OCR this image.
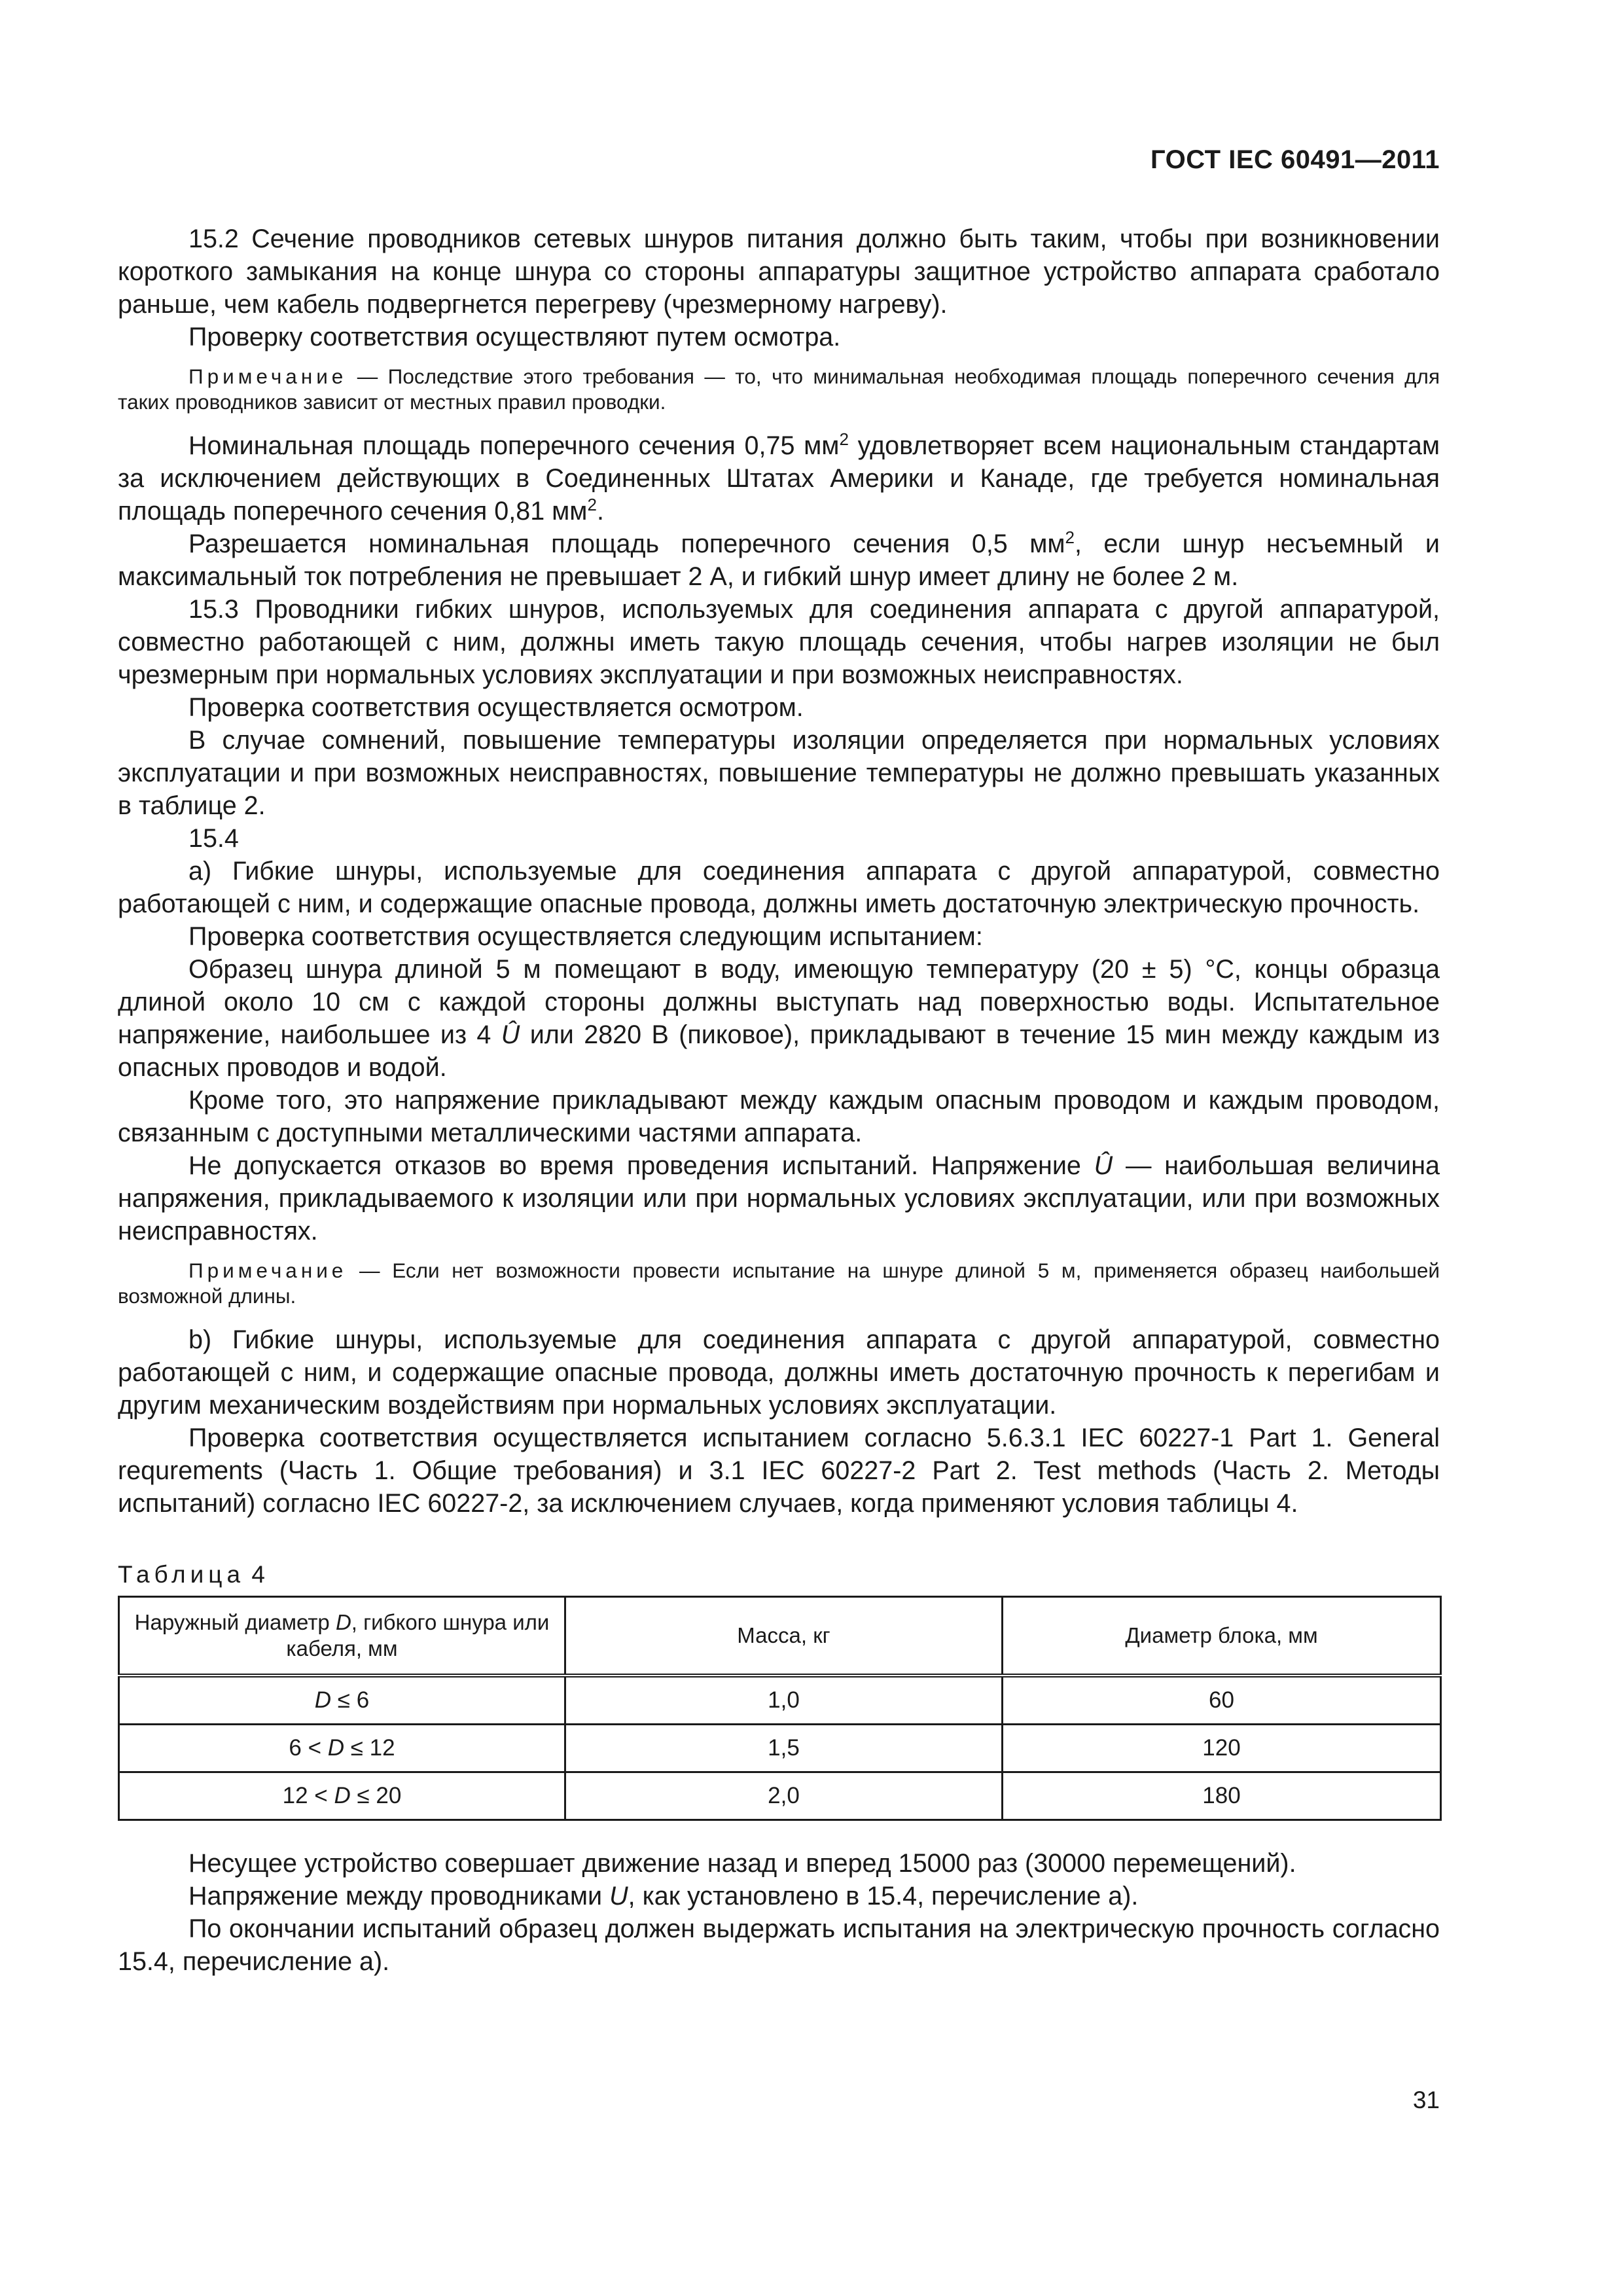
ГОСТ IEC 60491—2011

15.2 Сечение проводников сетевых шнуров питания должно быть таким, чтобы при возникновении короткого замыкания на конце шнура со стороны аппаратуры защитное устройство аппарата сработало раньше, чем кабель подвергнется перегреву (чрезмерному нагреву).

Проверку соответствия осуществляют путем осмотра.

Примечание — Последствие этого требования — то, что минимальная необходимая площадь поперечного сечения для таких проводников зависит от местных правил проводки.

Номинальная площадь поперечного сечения 0,75 $мм^2$ удовлетворяет всем национальным стандартам за исключением действующих в Соединенных Штатах Америки и Канаде, где требуется номинальная площадь поперечного сечения 0,81 $мм^2$.

Разрешается номинальная площадь поперечного сечения 0,5 $мм^2$, если шнур несъемный и максимальный ток потребления не превышает 2 А, и гибкий шнур имеет длину не более 2 м.

15.3 Проводники гибких шнуров, используемых для соединения аппарата с другой аппаратурой, совместно работающей с ним, должны иметь такую площадь сечения, чтобы нагрев изоляции не был чрезмерным при нормальных условиях эксплуатации и при возможных неисправностях.

Проверка соответствия осуществляется осмотром.

В случае сомнений, повышение температуры изоляции определяется при нормальных условиях эксплуатации и при возможных неисправностях, повышение температуры не должно превышать указанных в таблице 2.

15.4

a) Гибкие шнуры, используемые для соединения аппарата с другой аппаратурой, совместно работающей с ним, и содержащие опасные провода, должны иметь достаточную электрическую прочность.

Проверка соответствия осуществляется следующим испытанием:

Образец шнура длиной 5 м помещают в воду, имеющую температуру (20 ± 5) °С, концы образца длиной около 10 см с каждой стороны должны выступать над поверхностью воды. Испытательное напряжение, наибольшее из 4 Û или 2820 В (пиковое), прикладывают в течение 15 мин между каждым из опасных проводов и водой.

Кроме того, это напряжение прикладывают между каждым опасным проводом и каждым проводом, связанным с доступными металлическими частями аппарата.

Не допускается отказов во время проведения испытаний. Напряжение Û — наибольшая величина напряжения, прикладываемого к изоляции или при нормальных условиях эксплуатации, или при возможных неисправностях.

Примечание — Если нет возможности провести испытание на шнуре длиной 5 м, применяется образец наибольшей возможной длины.

b) Гибкие шнуры, используемые для соединения аппарата с другой аппаратурой, совместно работающей с ним, и содержащие опасные провода, должны иметь достаточную прочность к перегибам и другим механическим воздействиям при нормальных условиях эксплуатации.

Проверка соответствия осуществляется испытанием согласно 5.6.3.1 IEC 60227-1 Part 1. General requrements (Часть 1. Общие требования) и 3.1 IEC 60227-2 Part 2. Test methods (Часть 2. Методы испытаний) согласно IEC 60227-2, за исключением случаев, когда применяют условия таблицы 4.

Таблица 4
Наружный диаметр D, гибкого шнура или кабеля, мм	Масса, кг	Диаметр блока, мм
D ≤ 6	1,0	60
6 < D ≤ 12	1,5	120
12 < D ≤ 20	2,0	180

Несущее устройство совершает движение назад и вперед 15000 раз (30000 перемещений).

Напряжение между проводниками U, как установлено в 15.4, перечисление а).

По окончании испытаний образец должен выдержать испытания на электрическую прочность согласно 15.4, перечисление а).

31
